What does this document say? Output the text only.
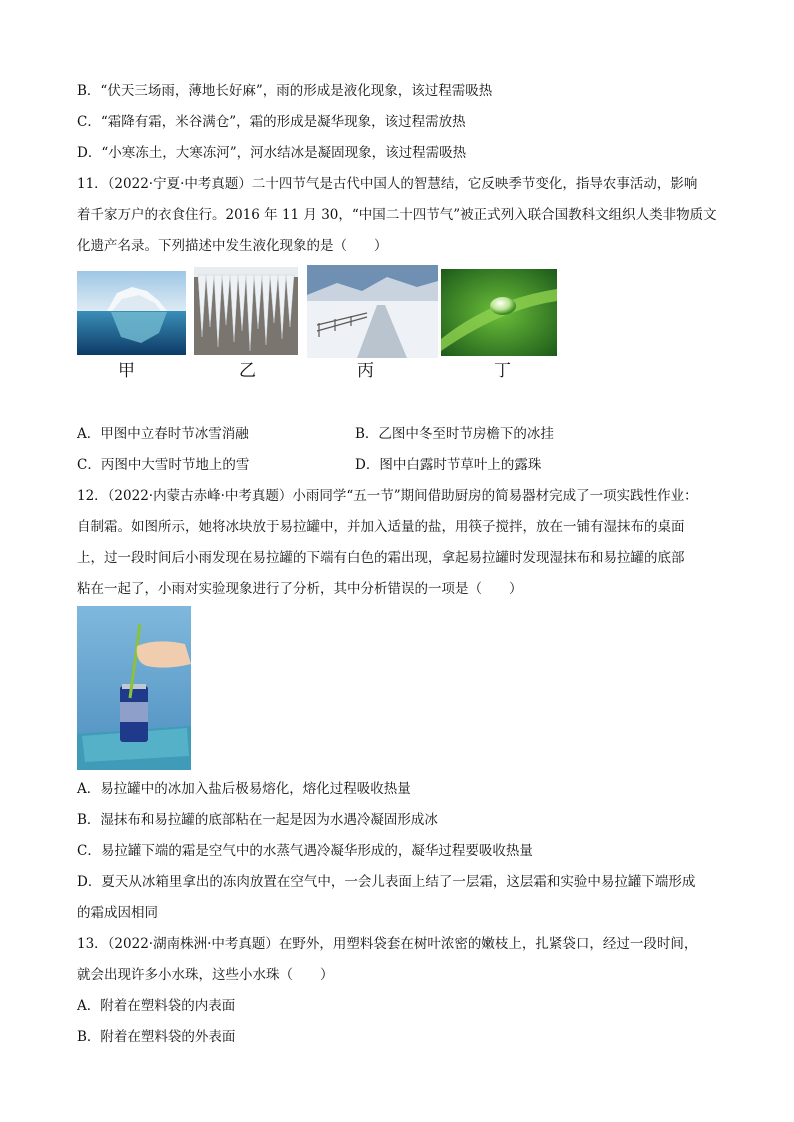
B．“伏天三场雨，薄地长好麻”，雨的形成是液化现象，该过程需吸热
C．“霜降有霜，米谷满仓”，霜的形成是凝华现象，该过程需放热
D．“小寒冻土，大寒冻河”，河水结冰是凝固现象，该过程需吸热
11．（2022·宁夏·中考真题）二十四节气是古代中国人的智慧结，它反映季节变化，指导农事活动，影响
着千家万户的衣食住行。2016 年 11 月 30，“中国二十四节气”被正式列入联合国教科文组织人类非物质文
化遗产名录。下列描述中发生液化现象的是（　　）
甲	乙	丙	丁
A．甲图中立春时节冰雪消融	B．乙图中冬至时节房檐下的冰挂
C．丙图中大雪时节地上的雪	D．图中白露时节草叶上的露珠
12．（2022·内蒙古赤峰·中考真题）小雨同学“五一节”期间借助厨房的简易器材完成了一项实践性作业：
自制霜。如图所示，她将冰块放于易拉罐中，并加入适量的盐，用筷子搅拌，放在一铺有湿抹布的桌面
上，过一段时间后小雨发现在易拉罐的下端有白色的霜出现，拿起易拉罐时发现湿抹布和易拉罐的底部
粘在一起了，小雨对实验现象进行了分析，其中分析错误的一项是（　　）
A．易拉罐中的冰加入盐后极易熔化，熔化过程吸收热量
B．湿抹布和易拉罐的底部粘在一起是因为水遇冷凝固形成冰
C．易拉罐下端的霜是空气中的水蒸气遇冷凝华形成的，凝华过程要吸收热量
D．夏天从冰箱里拿出的冻肉放置在空气中，一会儿表面上结了一层霜，这层霜和实验中易拉罐下端形成
的霜成因相同
13．（2022·湖南株洲·中考真题）在野外，用塑料袋套在树叶浓密的嫩枝上，扎紧袋口，经过一段时间，
就会出现许多小水珠，这些小水珠（　　）
A．附着在塑料袋的内表面
B．附着在塑料袋的外表面
